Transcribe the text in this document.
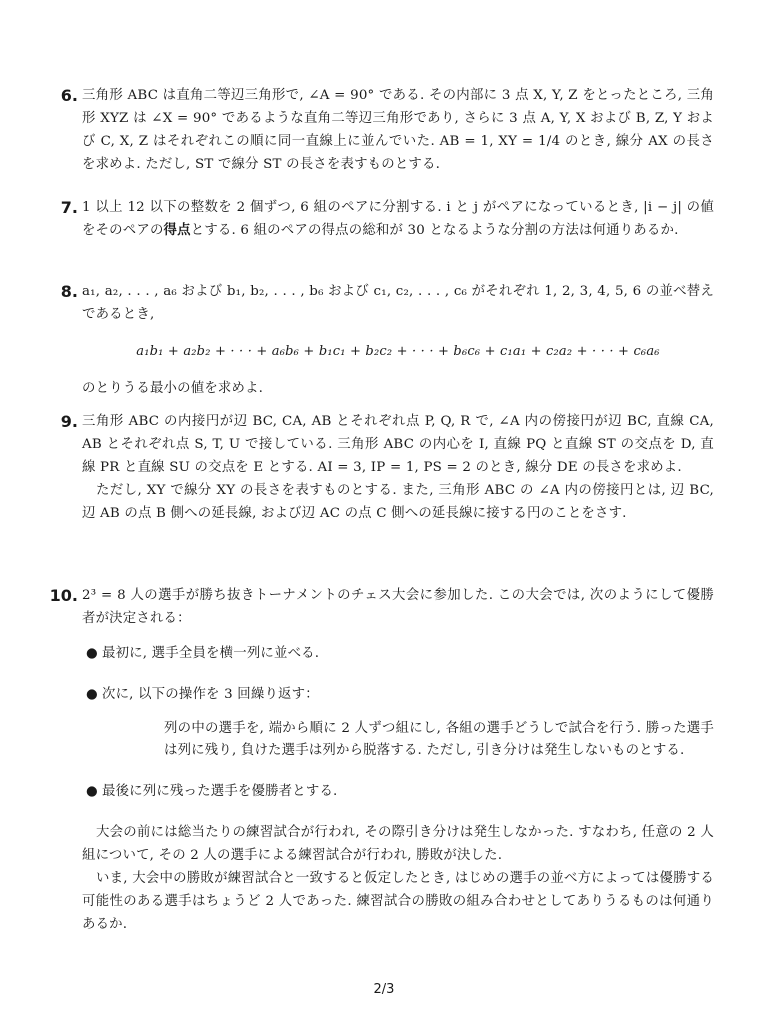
6. 三角形 ABC は直角二等辺三角形で, ∠A = 90° である. その内部に 3 点 X, Y, Z をとったところ, 三角形 XYZ は ∠X = 90° であるような直角二等辺三角形であり, さらに 3 点 A, Y, X および B, Z, Y および C, X, Z はそれぞれこの順に同一直線上に並んでいた. AB = 1, XY = 1/4 のとき, 線分 AX の長さを求めよ. ただし, ST で線分 ST の長さを表すものとする.

7. 1 以上 12 以下の整数を 2 個ずつ, 6 組のペアに分割する. i と j がペアになっているとき, |i − j| の値をそのペアの得点とする. 6 組のペアの得点の総和が 30 となるような分割の方法は何通りあるか.

8. a₁, a₂, . . . , a₆ および b₁, b₂, . . . , b₆ および c₁, c₂, . . . , c₆ がそれぞれ 1, 2, 3, 4, 5, 6 の並べ替えであるとき,

a₁b₁ + a₂b₂ + · · · + a₆b₆ + b₁c₁ + b₂c₂ + · · · + b₆c₆ + c₁a₁ + c₂a₂ + · · · + c₆a₆

のとりうる最小の値を求めよ.

9. 三角形 ABC の内接円が辺 BC, CA, AB とそれぞれ点 P, Q, R で, ∠A 内の傍接円が辺 BC, 直線 CA, AB とそれぞれ点 S, T, U で接している. 三角形 ABC の内心を I, 直線 PQ と直線 ST の交点を D, 直線 PR と直線 SU の交点を E とする. AI = 3, IP = 1, PS = 2 のとき, 線分 DE の長さを求めよ.

ただし, XY で線分 XY の長さを表すものとする. また, 三角形 ABC の ∠A 内の傍接円とは, 辺 BC, 辺 AB の点 B 側への延長線, および辺 AC の点 C 側への延長線に接する円のことをさす.

10. 2³ = 8 人の選手が勝ち抜きトーナメントのチェス大会に参加した. この大会では, 次のようにして優勝者が決定される：

● 最初に, 選手全員を横一列に並べる.
● 次に, 以下の操作を 3 回繰り返す：
列の中の選手を, 端から順に 2 人ずつ組にし, 各組の選手どうしで試合を行う. 勝った選手は列に残り, 負けた選手は列から脱落する. ただし, 引き分けは発生しないものとする.
● 最後に列に残った選手を優勝者とする.

大会の前には総当たりの練習試合が行われ, その際引き分けは発生しなかった. すなわち, 任意の 2 人組について, その 2 人の選手による練習試合が行われ, 勝敗が決した.

いま, 大会中の勝敗が練習試合と一致すると仮定したとき, はじめの選手の並べ方によっては優勝する可能性のある選手はちょうど 2 人であった. 練習試合の勝敗の組み合わせとしてありうるものは何通りあるか.

2/3
